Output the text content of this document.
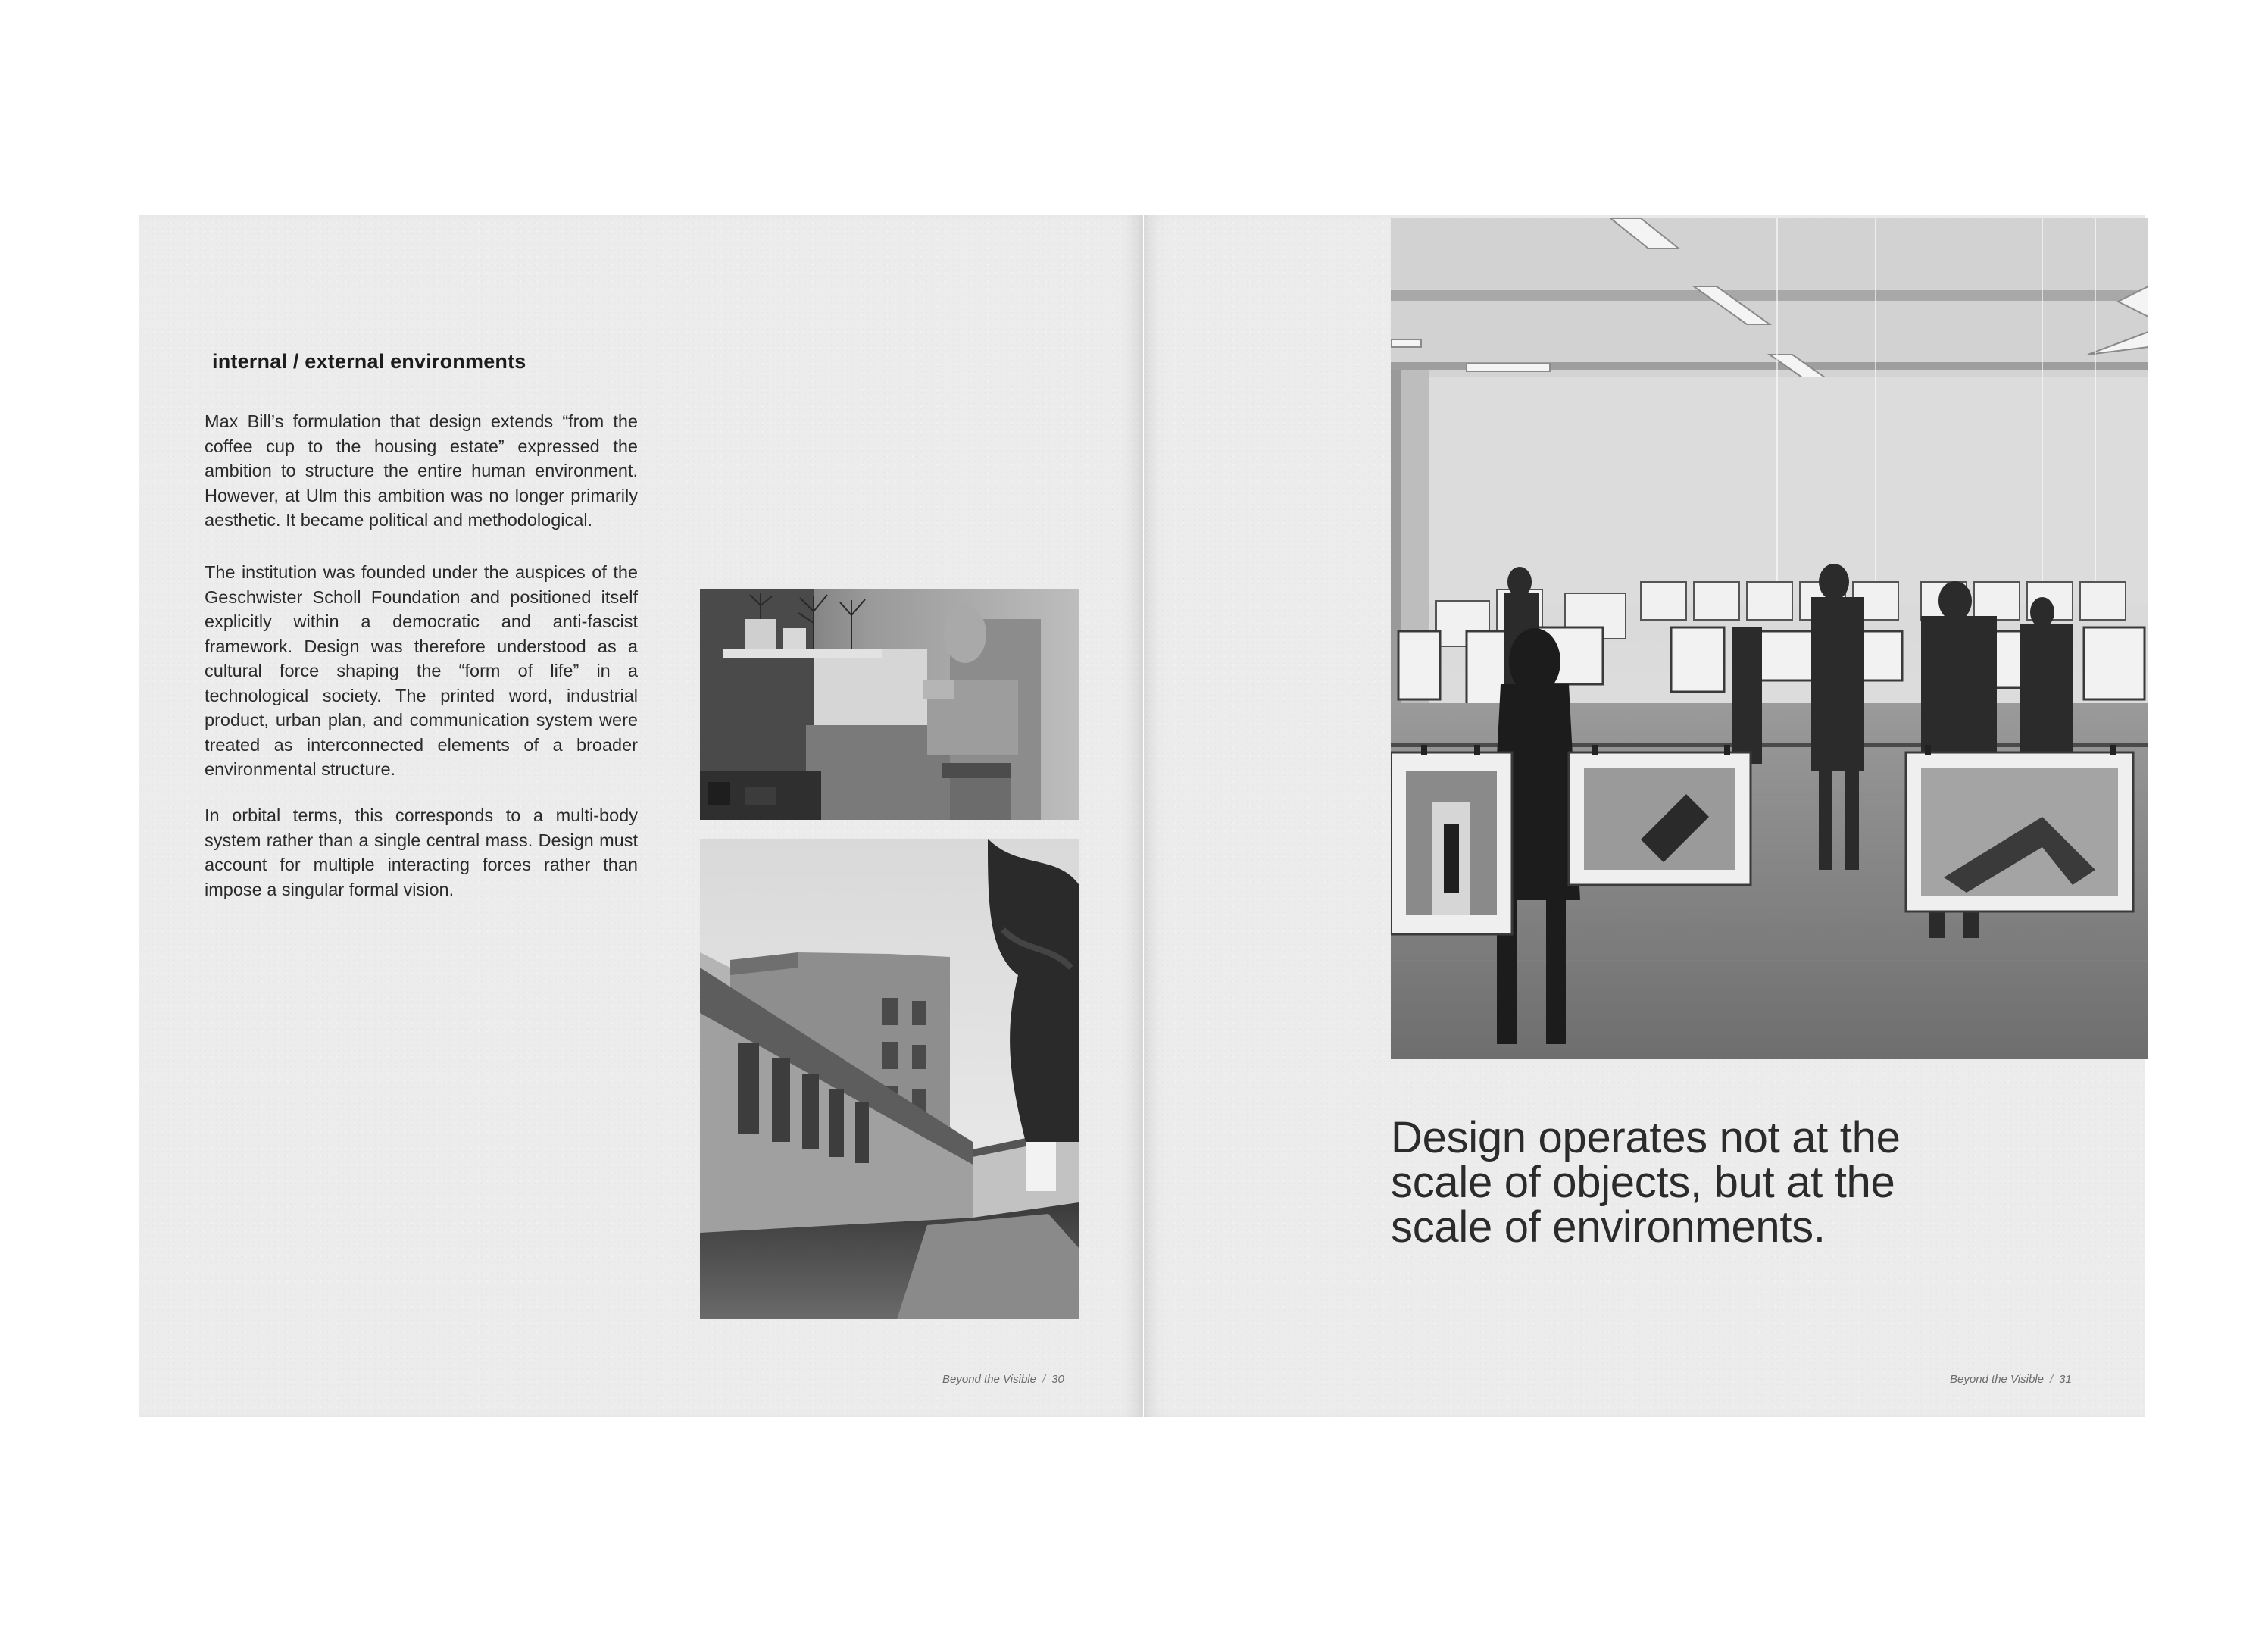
internal / external environments

Max Bill’s formulation that design extends “from the coffee cup to the housing estate” expressed the ambition to structure the entire human environment. However, at Ulm this ambition was no longer primarily aesthetic. It became political and methodological.

The institution was founded under the auspices of the Geschwister Scholl Foundation and positioned itself explicitly within a democratic and anti-fascist framework. Design was therefore understood as a cultural force shaping the “form of life” in a technological society. The printed word, industrial product, urban plan, and communication system were treated as interconnected elements of a broader environmental structure.

In orbital terms, this corresponds to a multi-body system rather than a single central mass. Design must account for multiple interacting forces rather than impose a singular formal vision.

Beyond the Visible / 30	Beyond the Visible / 31

Design operates not at the scale of objects, but at the scale of environments.
